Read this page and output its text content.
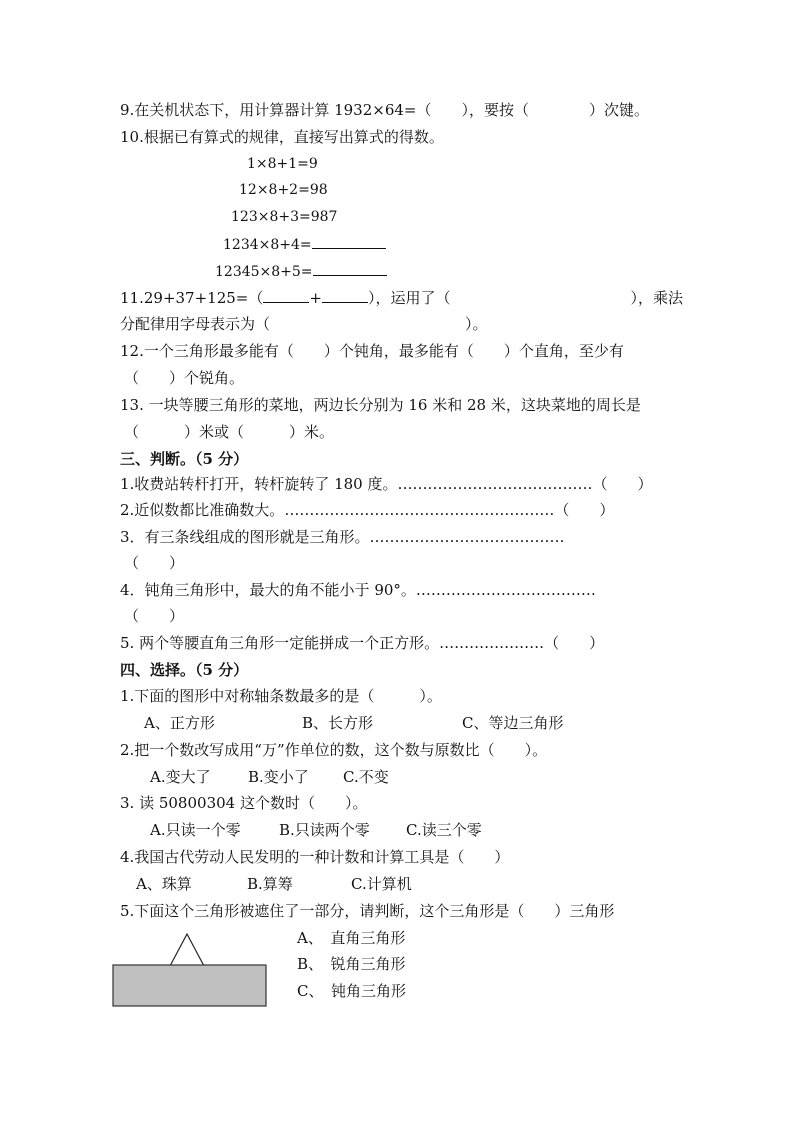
9.在关机状态下，用计算器计算 1932×64=（　　），要按（　　　　）次键。
10.根据已有算式的规律，直接写出算式的得数。
1×8+1=9
12×8+2=98
123×8+3=987
1234×8+4=
12345×8+5=
11.29+37+125=（	+	），运用了（　　　　　　　　　　　　），乘法
分配律用字母表示为（　　　　　　　　　　　　　）。
12.一个三角形最多能有（　　）个钝角，最多能有（　　）个直角，至少有
（　　）个锐角。
13. 一块等腰三角形的菜地，两边长分别为 16 米和 28 米，这块菜地的周长是
（　　　）米或（　　　）米。
三、判断。（5 分）
1.收费站转杆打开，转杆旋转了 180 度。…………………………………（　　）
2.近似数都比准确数大。………………………………………………（　　）
3．有三条线组成的图形就是三角形。…………………………………
（　　）
4．钝角三角形中，最大的角不能小于 90°。………………………………
（　　）
5. 两个等腰直角三角形一定能拼成一个正方形。…………………（　　）
四、选择。（5 分）
1.下面的图形中对称轴条数最多的是（　　　）。
A、正方形	B、长方形	C、等边三角形
2.把一个数改写成用“万”作单位的数，这个数与原数比（　　）。
A.变大了 B.变小了 C.不变
3. 读 50800304 这个数时（　　）。
A.只读一个零	B.只读两个零 C.读三个零
4.我国古代劳动人民发明的一种计数和计算工具是（　　）
A、珠算	B.算筹	C.计算机
5.下面这个三角形被遮住了一部分，请判断，这个三角形是（　　）三角形
A、　直角三角形
B、　锐角三角形
C、　钝角三角形
